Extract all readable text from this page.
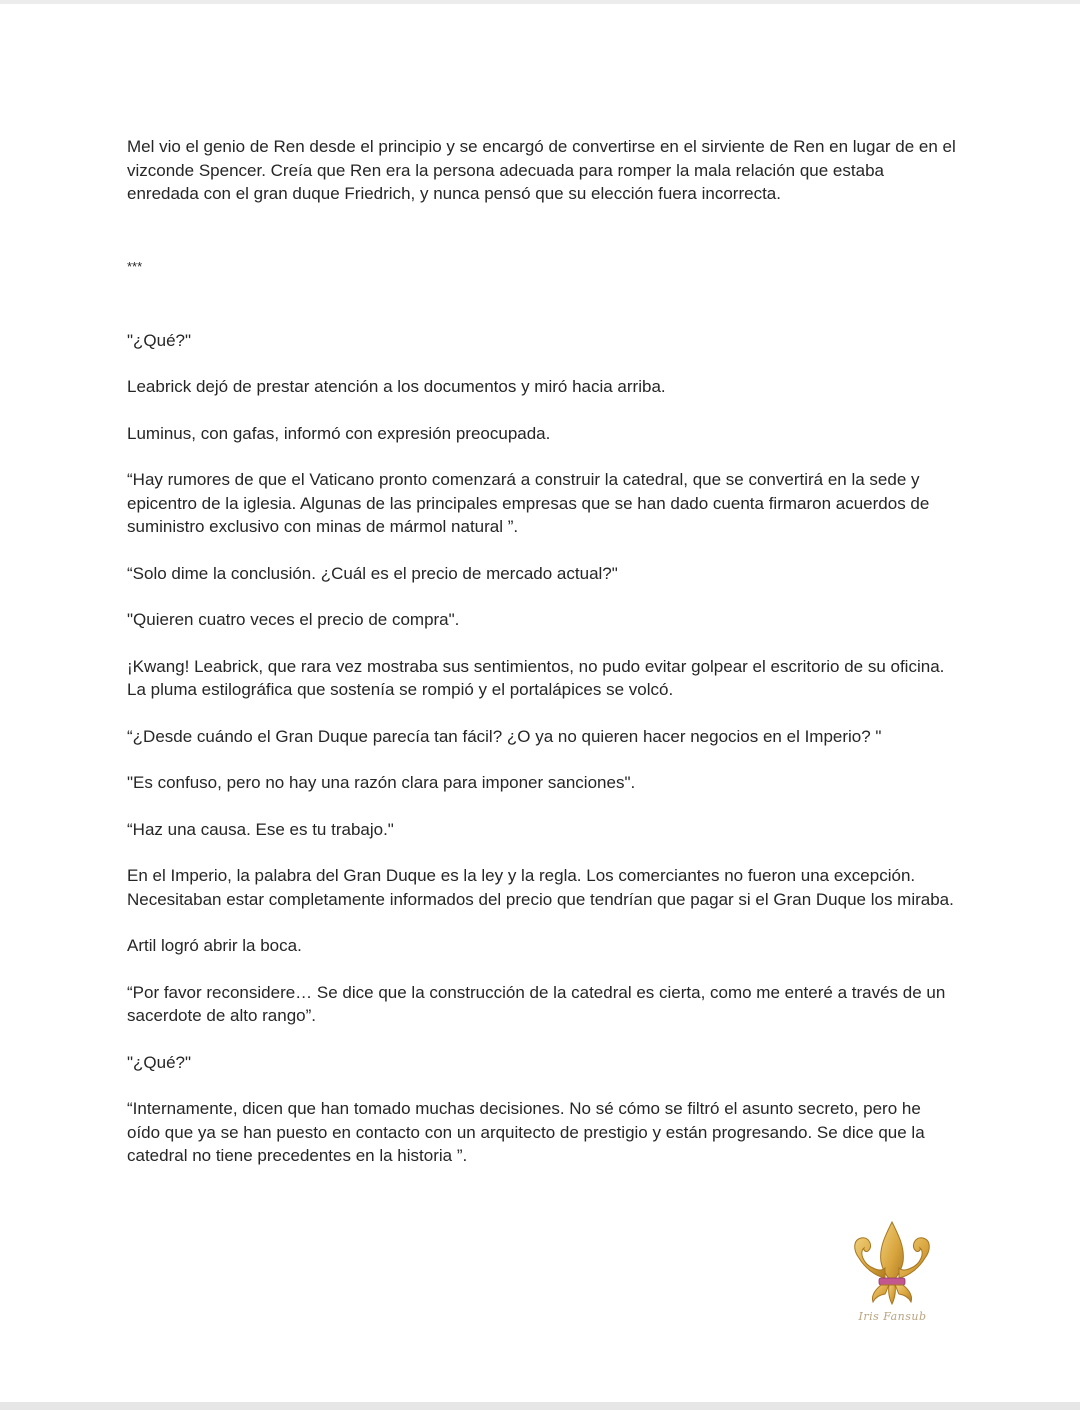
Mel vio el genio de Ren desde el principio y se encargó de convertirse en el sirviente de Ren en lugar de en el vizconde Spencer. Creía que Ren era la persona adecuada para romper la mala relación que estaba enredada con el gran duque Friedrich, y nunca pensó que su elección fuera incorrecta.

***

"¿Qué?"

Leabrick dejó de prestar atención a los documentos y miró hacia arriba.

Luminus, con gafas, informó con expresión preocupada.

“Hay rumores de que el Vaticano pronto comenzará a construir la catedral, que se convertirá en la sede y epicentro de la iglesia. Algunas de las principales empresas que se han dado cuenta firmaron acuerdos de suministro exclusivo con minas de mármol natural ”.

“Solo dime la conclusión. ¿Cuál es el precio de mercado actual?"

"Quieren cuatro veces el precio de compra".

¡Kwang! Leabrick, que rara vez mostraba sus sentimientos, no pudo evitar golpear el escritorio de su oficina. La pluma estilográfica que sostenía se rompió y el portalápices se volcó.

“¿Desde cuándo el Gran Duque parecía tan fácil? ¿O ya no quieren hacer negocios en el Imperio? "

"Es confuso, pero no hay una razón clara para imponer sanciones".

“Haz una causa. Ese es tu trabajo."

En el Imperio, la palabra del Gran Duque es la ley y la regla. Los comerciantes no fueron una excepción. Necesitaban estar completamente informados del precio que tendrían que pagar si el Gran Duque los miraba.

Artil logró abrir la boca.

“Por favor reconsidere… Se dice que la construcción de la catedral es cierta, como me enteré a través de un sacerdote de alto rango”.

"¿Qué?"

“Internamente, dicen que han tomado muchas decisiones. No sé cómo se filtró el asunto secreto, pero he oído que ya se han puesto en contacto con un arquitecto de prestigio y están progresando. Se dice que la catedral no tiene precedentes en la historia ”.

Iris Fansub
